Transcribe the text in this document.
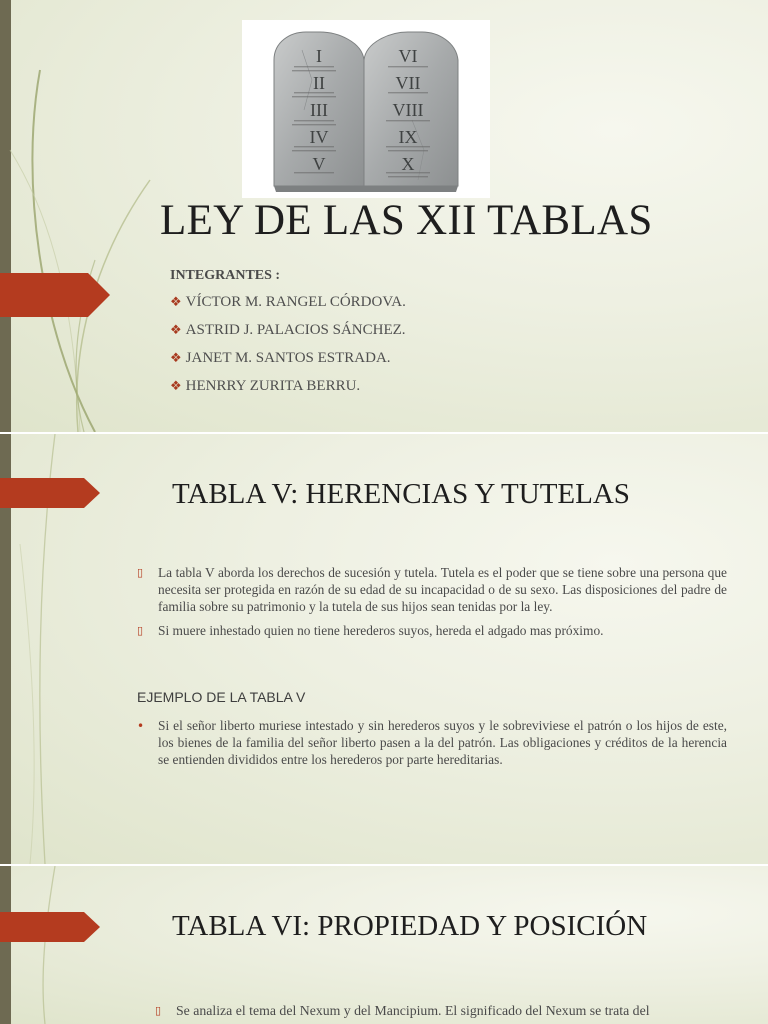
I
II
III
IV
V
VI
VII
VIII
IX
X
LEY DE LAS XII TABLAS
INTEGRANTES :
❖ VÍCTOR M. RANGEL CÓRDOVA.
❖ ASTRID J. PALACIOS SÁNCHEZ.
❖ JANET M. SANTOS ESTRADA.
❖ HENRRY ZURITA BERRU.
TABLA V: HERENCIAS Y TUTELAS
▯ La tabla V aborda los derechos de sucesión y tutela. Tutela es el poder que se tiene sobre una persona que necesita ser protegida en razón de su edad de su incapacidad o de su sexo. Las disposiciones del padre de familia sobre su patrimonio y la tutela de sus hijos sean tenidas por la ley.
▯ Si muere inhestado quien no tiene herederos suyos, hereda el adgado mas próximo.
EJEMPLO DE LA TABLA V
• Si el señor liberto muriese intestado y sin herederos suyos y le sobreviviese el patrón o los hijos de este, los bienes de la familia del señor liberto pasen a la del patrón. Las obligaciones y créditos de la herencia se entienden divididos entre los herederos por parte hereditarias.
TABLA VI: PROPIEDAD Y POSICIÓN
▯ Se analiza el tema del Nexum y del Mancipium. El significado del Nexum se trata del
